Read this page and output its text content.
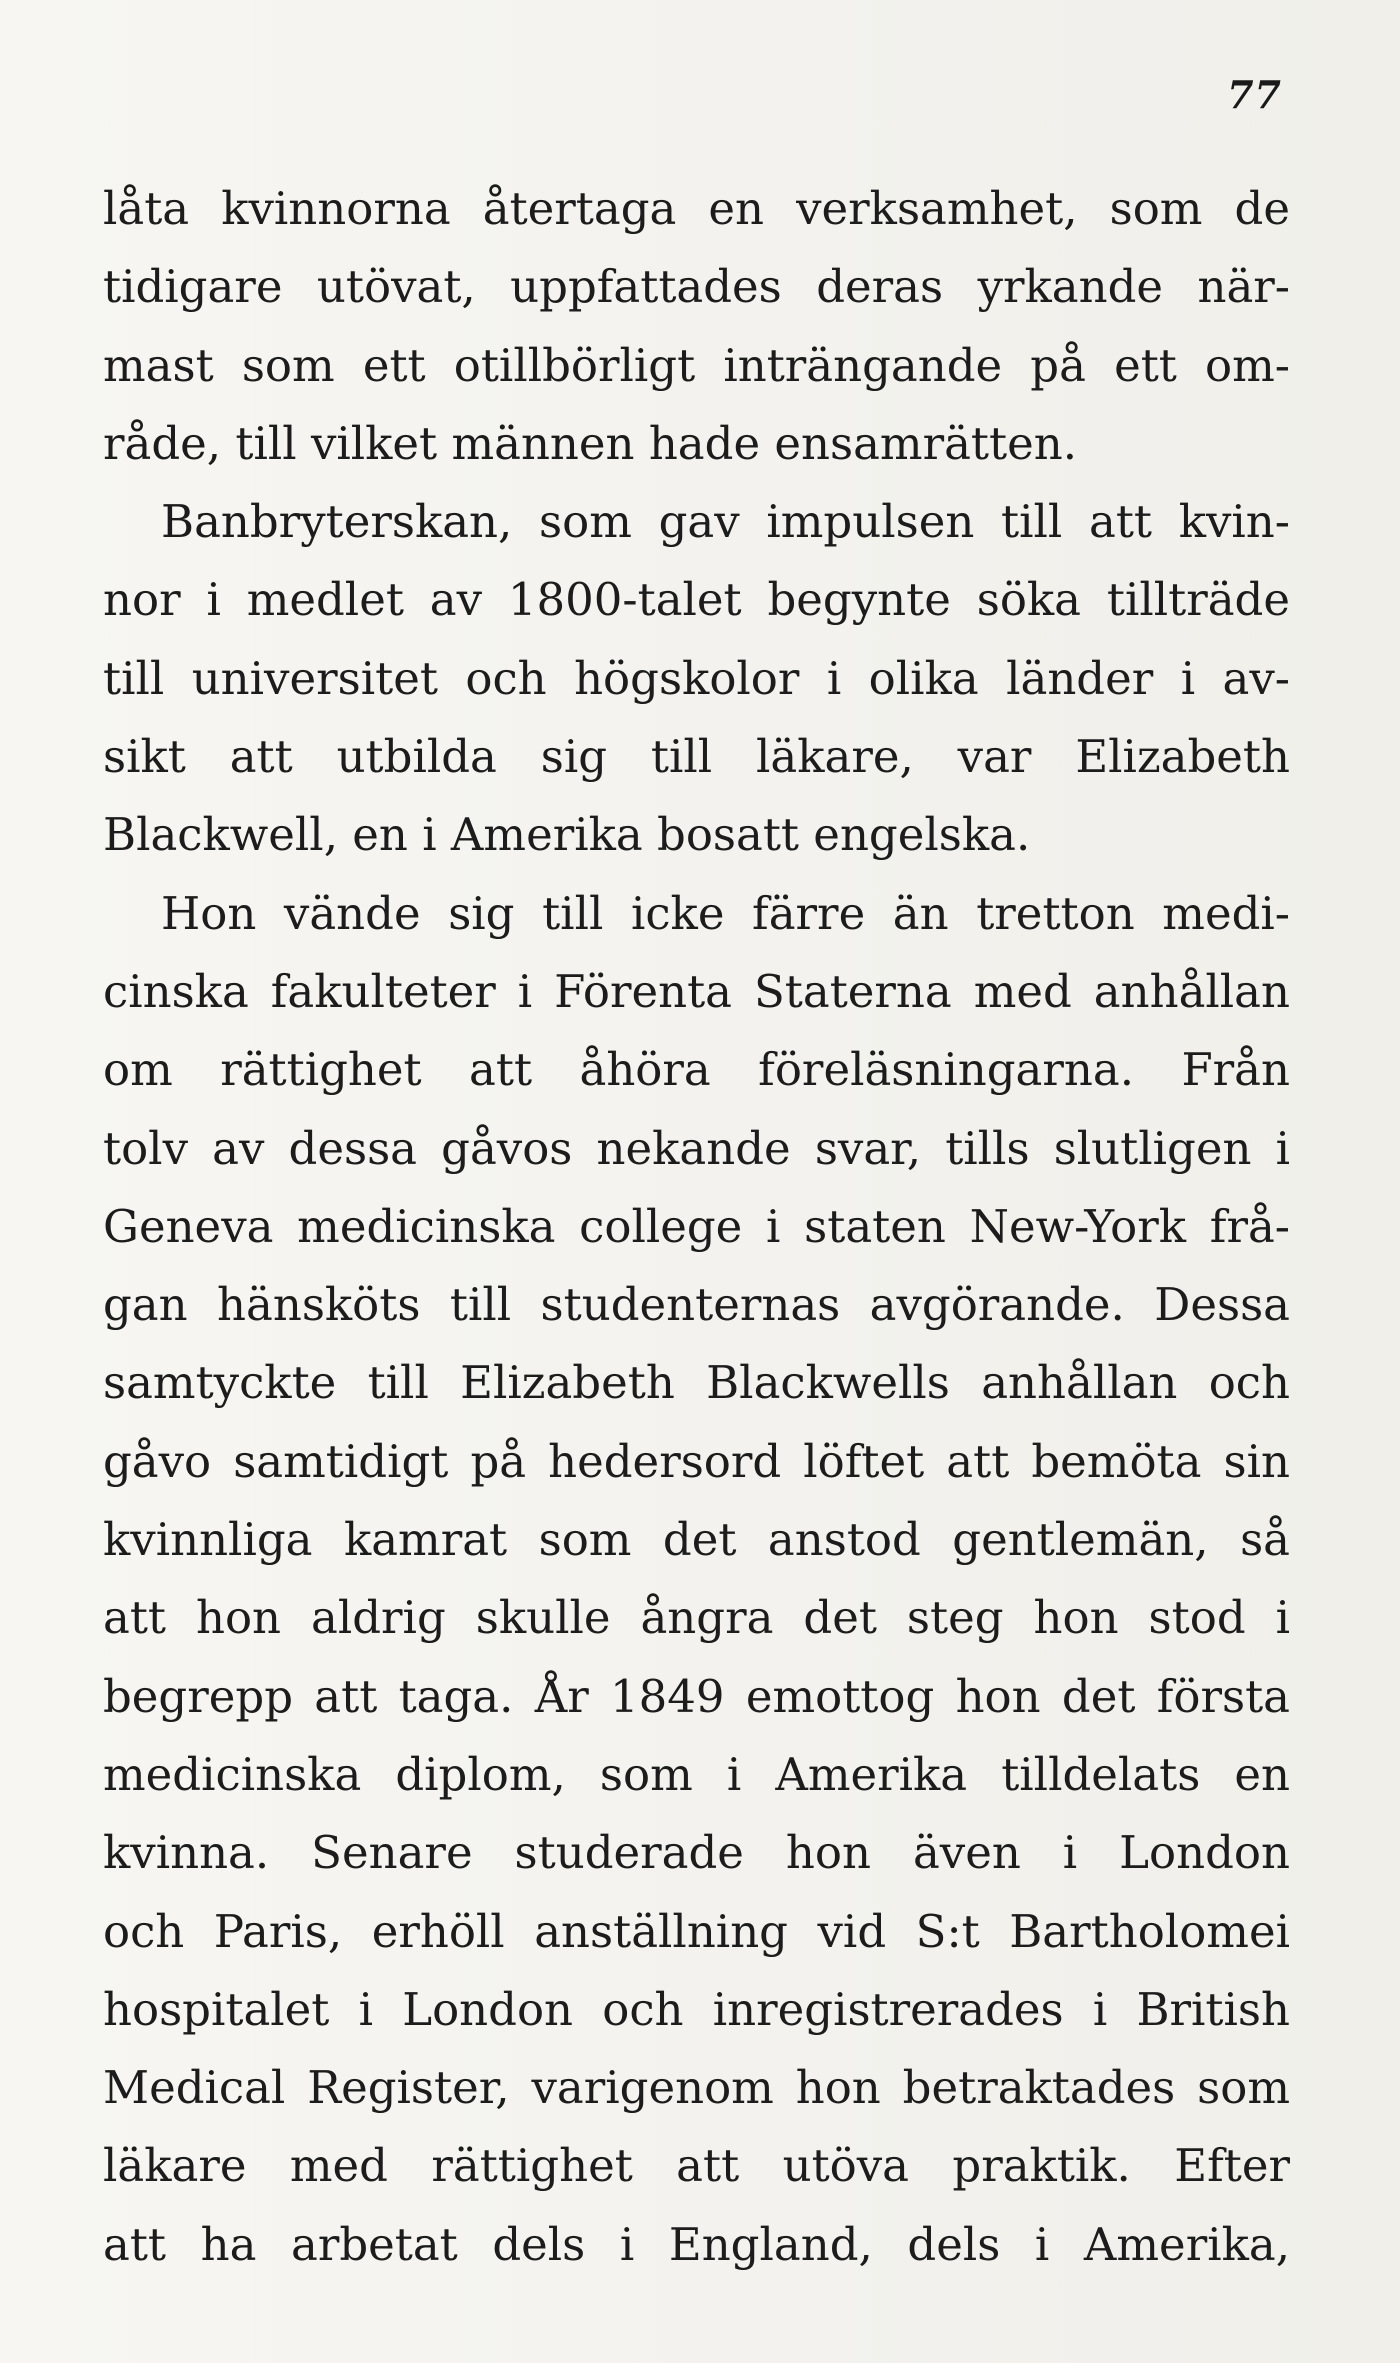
77
låta kvinnorna återtaga en verksamhet, som de
tidigare utövat, uppfattades deras yrkande när-
mast som ett otillbörligt inträngande på ett om-
råde, till vilket männen hade ensamrätten.
Banbryterskan, som gav impulsen till att kvin-
nor i medlet av 1800-talet begynte söka tillträde
till universitet och högskolor i olika länder i av-
sikt att utbilda sig till läkare, var Elizabeth
Blackwell, en i Amerika bosatt engelska.
Hon vände sig till icke färre än tretton medi-
cinska fakulteter i Förenta Staterna med anhållan
om rättighet att åhöra föreläsningarna. Från
tolv av dessa gåvos nekande svar, tills slutligen i
Geneva medicinska college i staten New-York frå-
gan hänsköts till studenternas avgörande. Dessa
samtyckte till Elizabeth Blackwells anhållan och
gåvo samtidigt på hedersord löftet att bemöta sin
kvinnliga kamrat som det anstod gentlemän, så
att hon aldrig skulle ångra det steg hon stod i
begrepp att taga. År 1849 emottog hon det första
medicinska diplom, som i Amerika tilldelats en
kvinna. Senare studerade hon även i London
och Paris, erhöll anställning vid S:t Bartholomei
hospitalet i London och inregistrerades i British
Medical Register, varigenom hon betraktades som
läkare med rättighet att utöva praktik. Efter
att ha arbetat dels i England, dels i Amerika,
